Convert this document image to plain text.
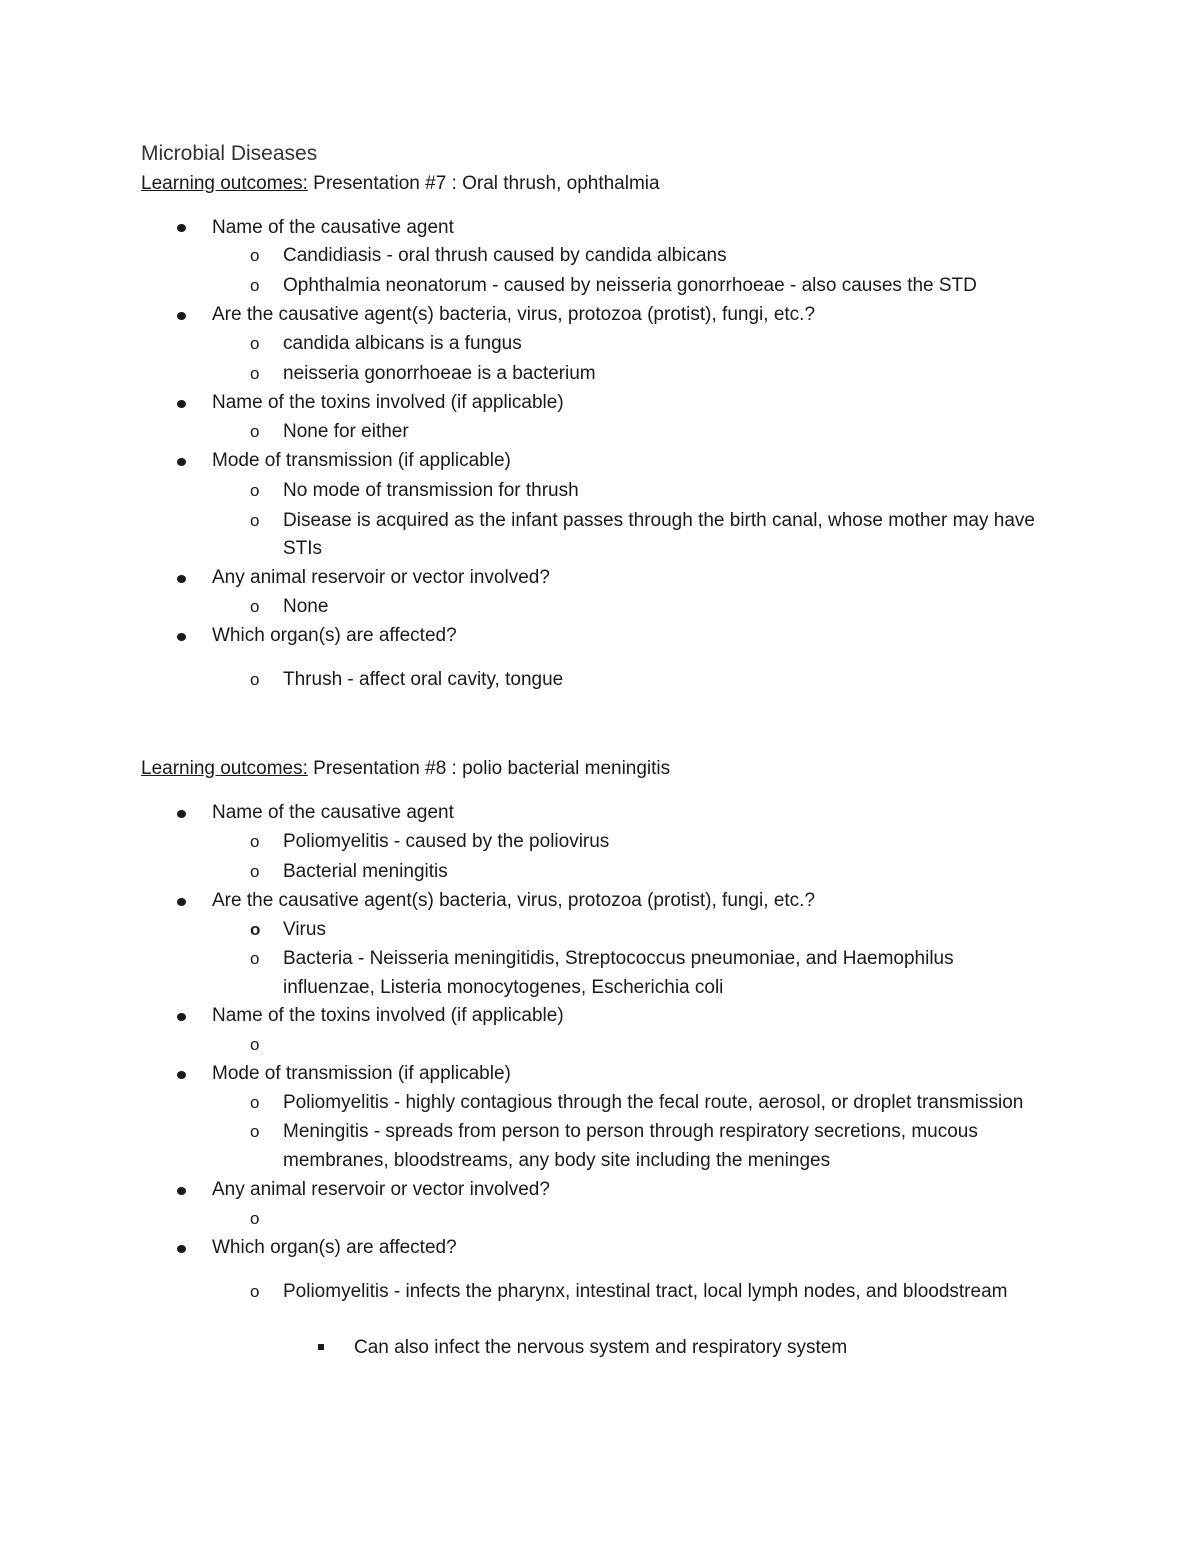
Microbial Diseases
Learning outcomes: Presentation #7 : Oral thrush, ophthalmia
Name of the causative agent
o Candidiasis - oral thrush caused by candida albicans
o Ophthalmia neonatorum - caused by neisseria gonorrhoeae - also causes the STD
Are the causative agent(s) bacteria, virus, protozoa (protist), fungi, etc.?
o candida albicans is a fungus
o neisseria gonorrhoeae is a bacterium
Name of the toxins involved (if applicable)
o None for either
Mode of transmission (if applicable)
o No mode of transmission for thrush
o Disease is acquired as the infant passes through the birth canal, whose mother may have
STIs
Any animal reservoir or vector involved?
o None
Which organ(s) are affected?
o Thrush - affect oral cavity, tongue
Learning outcomes: Presentation #8 : polio bacterial meningitis
Name of the causative agent
o Poliomyelitis - caused by the poliovirus
o Bacterial meningitis
Are the causative agent(s) bacteria, virus, protozoa (protist), fungi, etc.?
o Virus
o Bacteria - Neisseria meningitidis, Streptococcus pneumoniae, and Haemophilus
influenzae, Listeria monocytogenes, Escherichia coli
Name of the toxins involved (if applicable)
o
Mode of transmission (if applicable)
o Poliomyelitis - highly contagious through the fecal route, aerosol, or droplet transmission
o Meningitis - spreads from person to person through respiratory secretions, mucous
membranes, bloodstreams, any body site including the meninges
Any animal reservoir or vector involved?
o
Which organ(s) are affected?
o Poliomyelitis - infects the pharynx, intestinal tract, local lymph nodes, and bloodstream
Can also infect the nervous system and respiratory system
